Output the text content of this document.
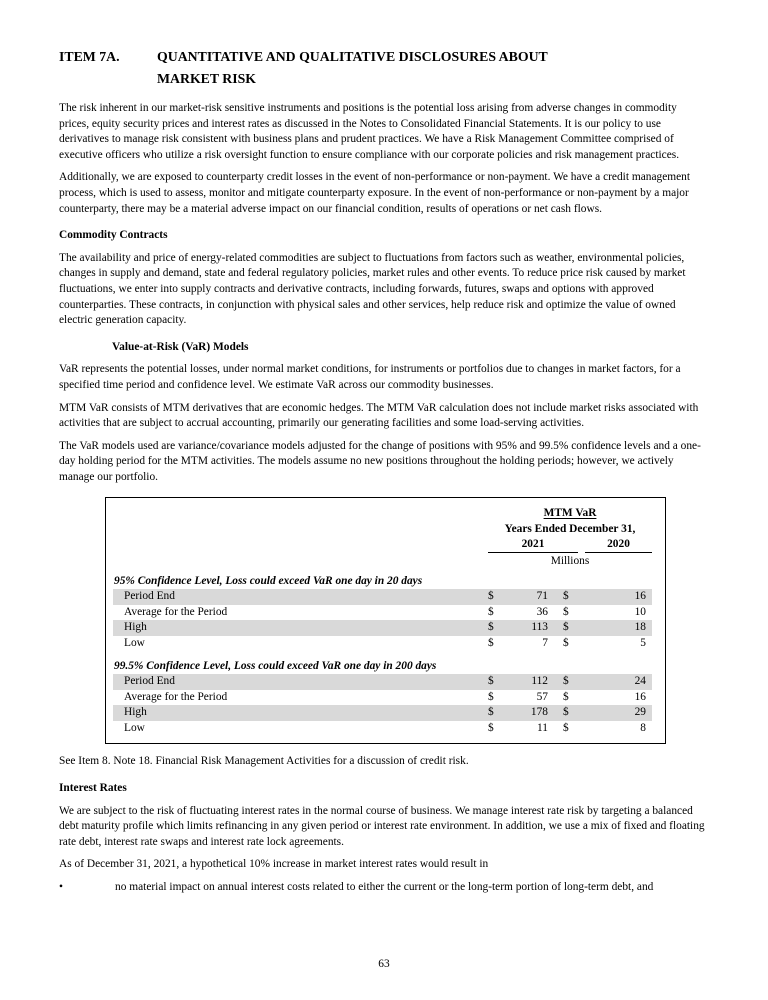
ITEM 7A.	QUANTITATIVE AND QUALITATIVE DISCLOSURES ABOUT
MARKET RISK

The risk inherent in our market-risk sensitive instruments and positions is the potential loss arising from adverse changes in commodity prices, equity security prices and interest rates as discussed in the Notes to Consolidated Financial Statements. It is our policy to use derivatives to manage risk consistent with business plans and prudent practices. We have a Risk Management Committee comprised of executive officers who utilize a risk oversight function to ensure compliance with our corporate policies and risk management practices.

Additionally, we are exposed to counterparty credit losses in the event of non-performance or non-payment. We have a credit management process, which is used to assess, monitor and mitigate counterparty exposure. In the event of non-performance or non-payment by a major counterparty, there may be a material adverse impact on our financial condition, results of operations or net cash flows.

Commodity Contracts

The availability and price of energy-related commodities are subject to fluctuations from factors such as weather, environmental policies, changes in supply and demand, state and federal regulatory policies, market rules and other events. To reduce price risk caused by market fluctuations, we enter into supply contracts and derivative contracts, including forwards, futures, swaps and options with approved counterparties. These contracts, in conjunction with physical sales and other services, help reduce risk and optimize the value of owned electric generation capacity.

Value-at-Risk (VaR) Models

VaR represents the potential losses, under normal market conditions, for instruments or portfolios due to changes in market factors, for a specified time period and confidence level. We estimate VaR across our commodity businesses.

MTM VaR consists of MTM derivatives that are economic hedges. The MTM VaR calculation does not include market risks associated with activities that are subject to accrual accounting, primarily our generating facilities and some load-serving activities.

The VaR models used are variance/covariance models adjusted for the change of positions with 95% and 99.5% confidence levels and a one-day holding period for the MTM activities. The models assume no new positions throughout the holding periods; however, we actively manage our portfolio.

MTM VaR
Years Ended December 31,
2021	2020
Millions
95% Confidence Level, Loss could exceed VaR one day in 20 days
Period End	$	71	$	16
Average for the Period	$	36	$	10
High	$	113	$	18
Low	$	7	$	5
99.5% Confidence Level, Loss could exceed VaR one day in 200 days
Period End	$	112	$	24
Average for the Period	$	57	$	16
High	$	178	$	29
Low	$	11	$	8

See Item 8. Note 18. Financial Risk Management Activities for a discussion of credit risk.

Interest Rates

We are subject to the risk of fluctuating interest rates in the normal course of business. We manage interest rate risk by targeting a balanced debt maturity profile which limits refinancing in any given period or interest rate environment. In addition, we use a mix of fixed and floating rate debt, interest rate swaps and interest rate lock agreements.

As of December 31, 2021, a hypothetical 10% increase in market interest rates would result in

•	no material impact on annual interest costs related to either the current or the long-term portion of long-term debt, and
63
